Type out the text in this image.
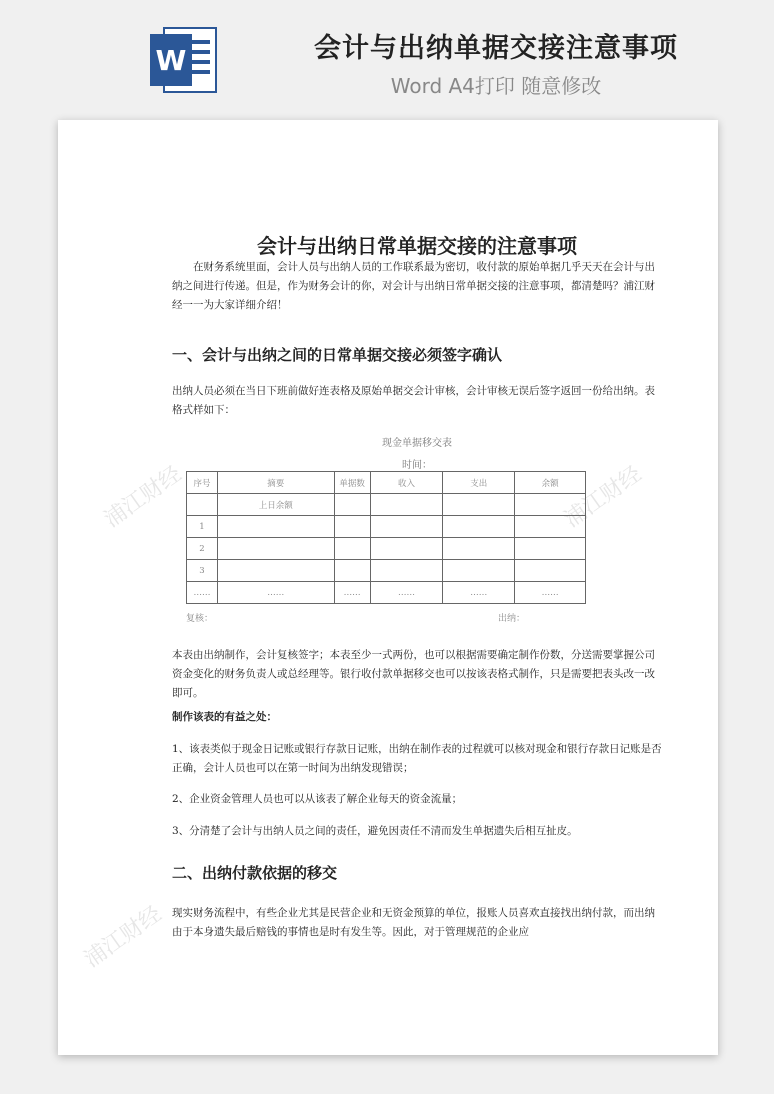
W	会计与出纳单据交接注意事项
Word A4打印 随意修改
浦江财经	浦江财经
浦江财经
会计与出纳日常单据交接的注意事项
在财务系统里面，会计人员与出纳人员的工作联系最为密切，收付款的原始单据几乎天天在会计与出纳之间进行传递。但是，作为财务会计的你，对会计与出纳日常单据交接的注意事项，都清楚吗？浦江财经一一为大家详细介绍！
一、会计与出纳之间的日常单据交接必须签字确认
出纳人员必须在当日下班前做好连表格及原始单据交会计审核，会计审核无误后签字返回一份给出纳。表格式样如下：
现金单据移交表
时间：
序号	摘要	单据数	收入	支出	余额
	上日余额				
1					
2					
3					
……	……	……	……	……	……
复核：	出纳：
本表由出纳制作，会计复核签字；本表至少一式两份，也可以根据需要确定制作份数，分送需要掌握公司资金变化的财务负责人或总经理等。银行收付款单据移交也可以按该表格式制作，只是需要把表头改一改即可。
制作该表的有益之处：
1、该表类似于现金日记账或银行存款日记账，出纳在制作表的过程就可以核对现金和银行存款日记账是否正确，会计人员也可以在第一时间为出纳发现错误；
2、企业资金管理人员也可以从该表了解企业每天的资金流量；
3、分清楚了会计与出纳人员之间的责任，避免因责任不清而发生单据遗失后相互扯皮。
二、出纳付款依据的移交
现实财务流程中，有些企业尤其是民营企业和无资金预算的单位，报账人员喜欢直接找出纳付款，而出纳由于本身遗失最后赔钱的事情也是时有发生等。因此，对于管理规范的企业应
